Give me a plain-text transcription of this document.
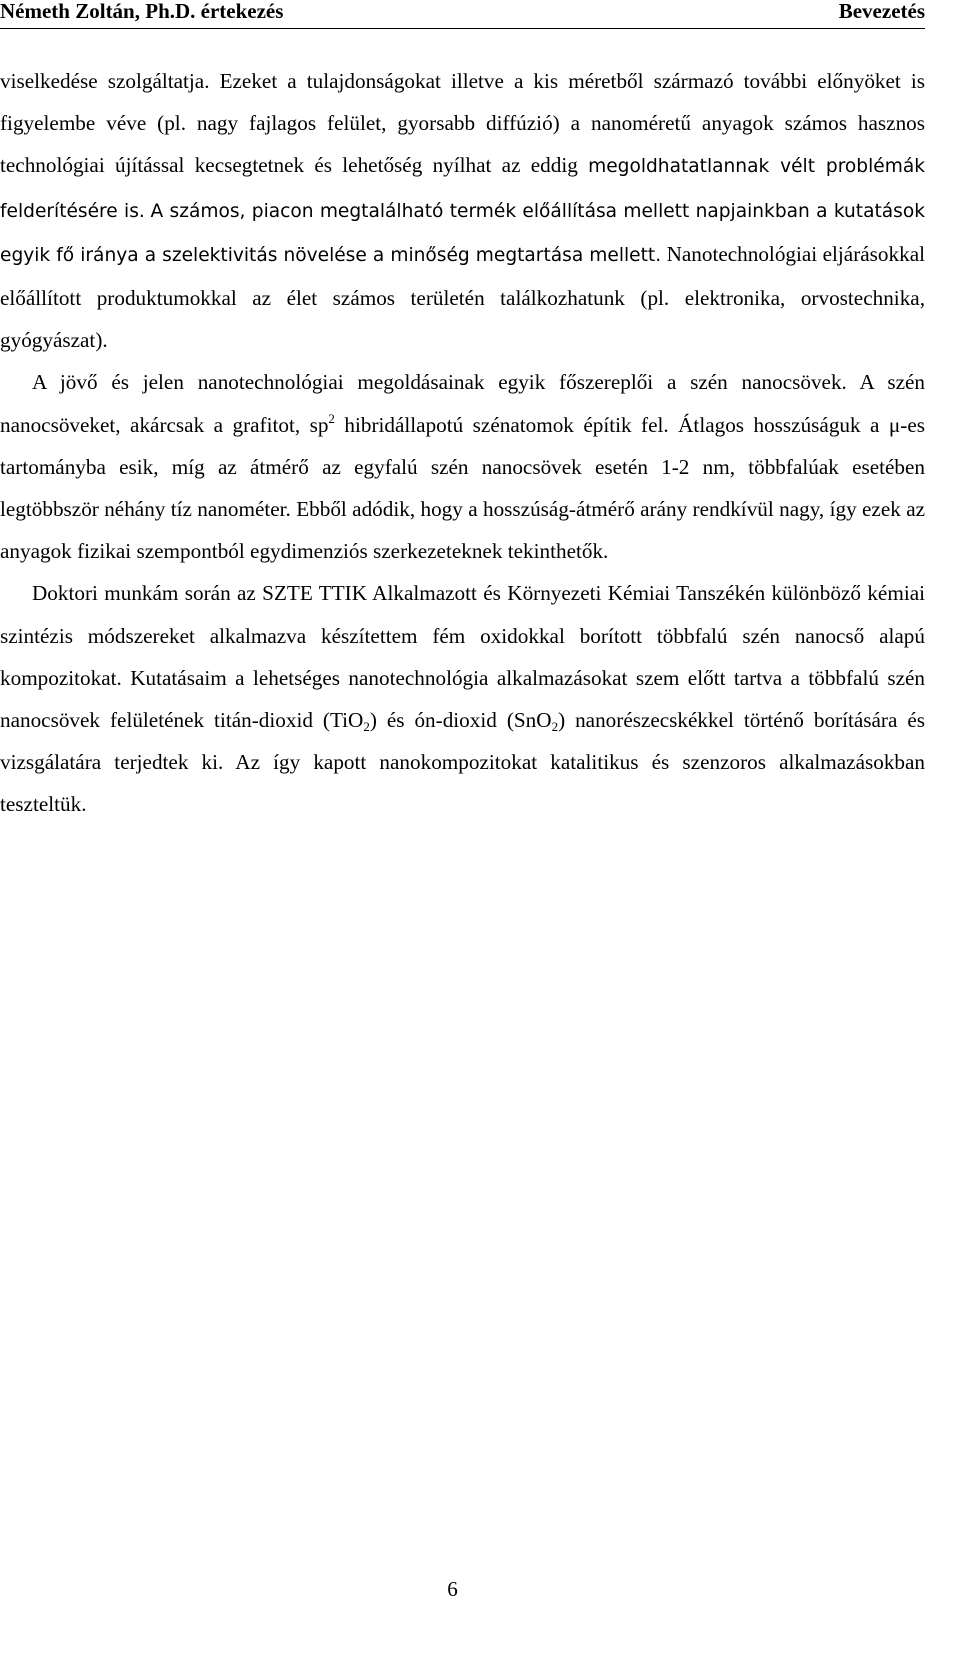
Németh Zoltán, Ph.D. értekezés	Bevezetés

viselkedése szolgáltatja. Ezeket a tulajdonságokat illetve a kis méretből származó további előnyöket is figyelembe véve (pl. nagy fajlagos felület, gyorsabb diffúzió) a nanoméretű anyagok számos hasznos technológiai újítással kecsegtetnek és lehetőség nyílhat az eddig megoldhatatlannak vélt problémák felderítésére is. A számos, piacon megtalálható termék előállítása mellett napjainkban a kutatások egyik fő iránya a szelektivitás növelése a minőség megtartása mellett. Nanotechnológiai eljárásokkal előállított produktumokkal az élet számos területén találkozhatunk (pl. elektronika, orvostechnika, gyógyászat).

A jövő és jelen nanotechnológiai megoldásainak egyik főszereplői a szén nanocsövek. A szén nanocsöveket, akárcsak a grafitot, $sp^2$ hibridállapotú szénatomok építik fel. Átlagos hosszúságuk a μ-es tartományba esik, míg az átmérő az egyfalú szén nanocsövek esetén 1-2 nm, többfalúak esetében legtöbbször néhány tíz nanométer. Ebből adódik, hogy a hosszúság-átmérő arány rendkívül nagy, így ezek az anyagok fizikai szempontból egydimenziós szerkezeteknek tekinthetők.

Doktori munkám során az SZTE TTIK Alkalmazott és Környezeti Kémiai Tanszékén különböző kémiai szintézis módszereket alkalmazva készítettem fém oxidokkal borított többfalú szén nanocső alapú kompozitokat. Kutatásaim a lehetséges nanotechnológia alkalmazásokat szem előtt tartva a többfalú szén nanocsövek felületének titán-dioxid (TiO$_2$) és ón-dioxid (SnO$_2$) nanorészecskékkel történő borítására és vizsgálatára terjedtek ki. Az így kapott nanokompozitokat katalitikus és szenzoros alkalmazásokban teszteltük.

6
